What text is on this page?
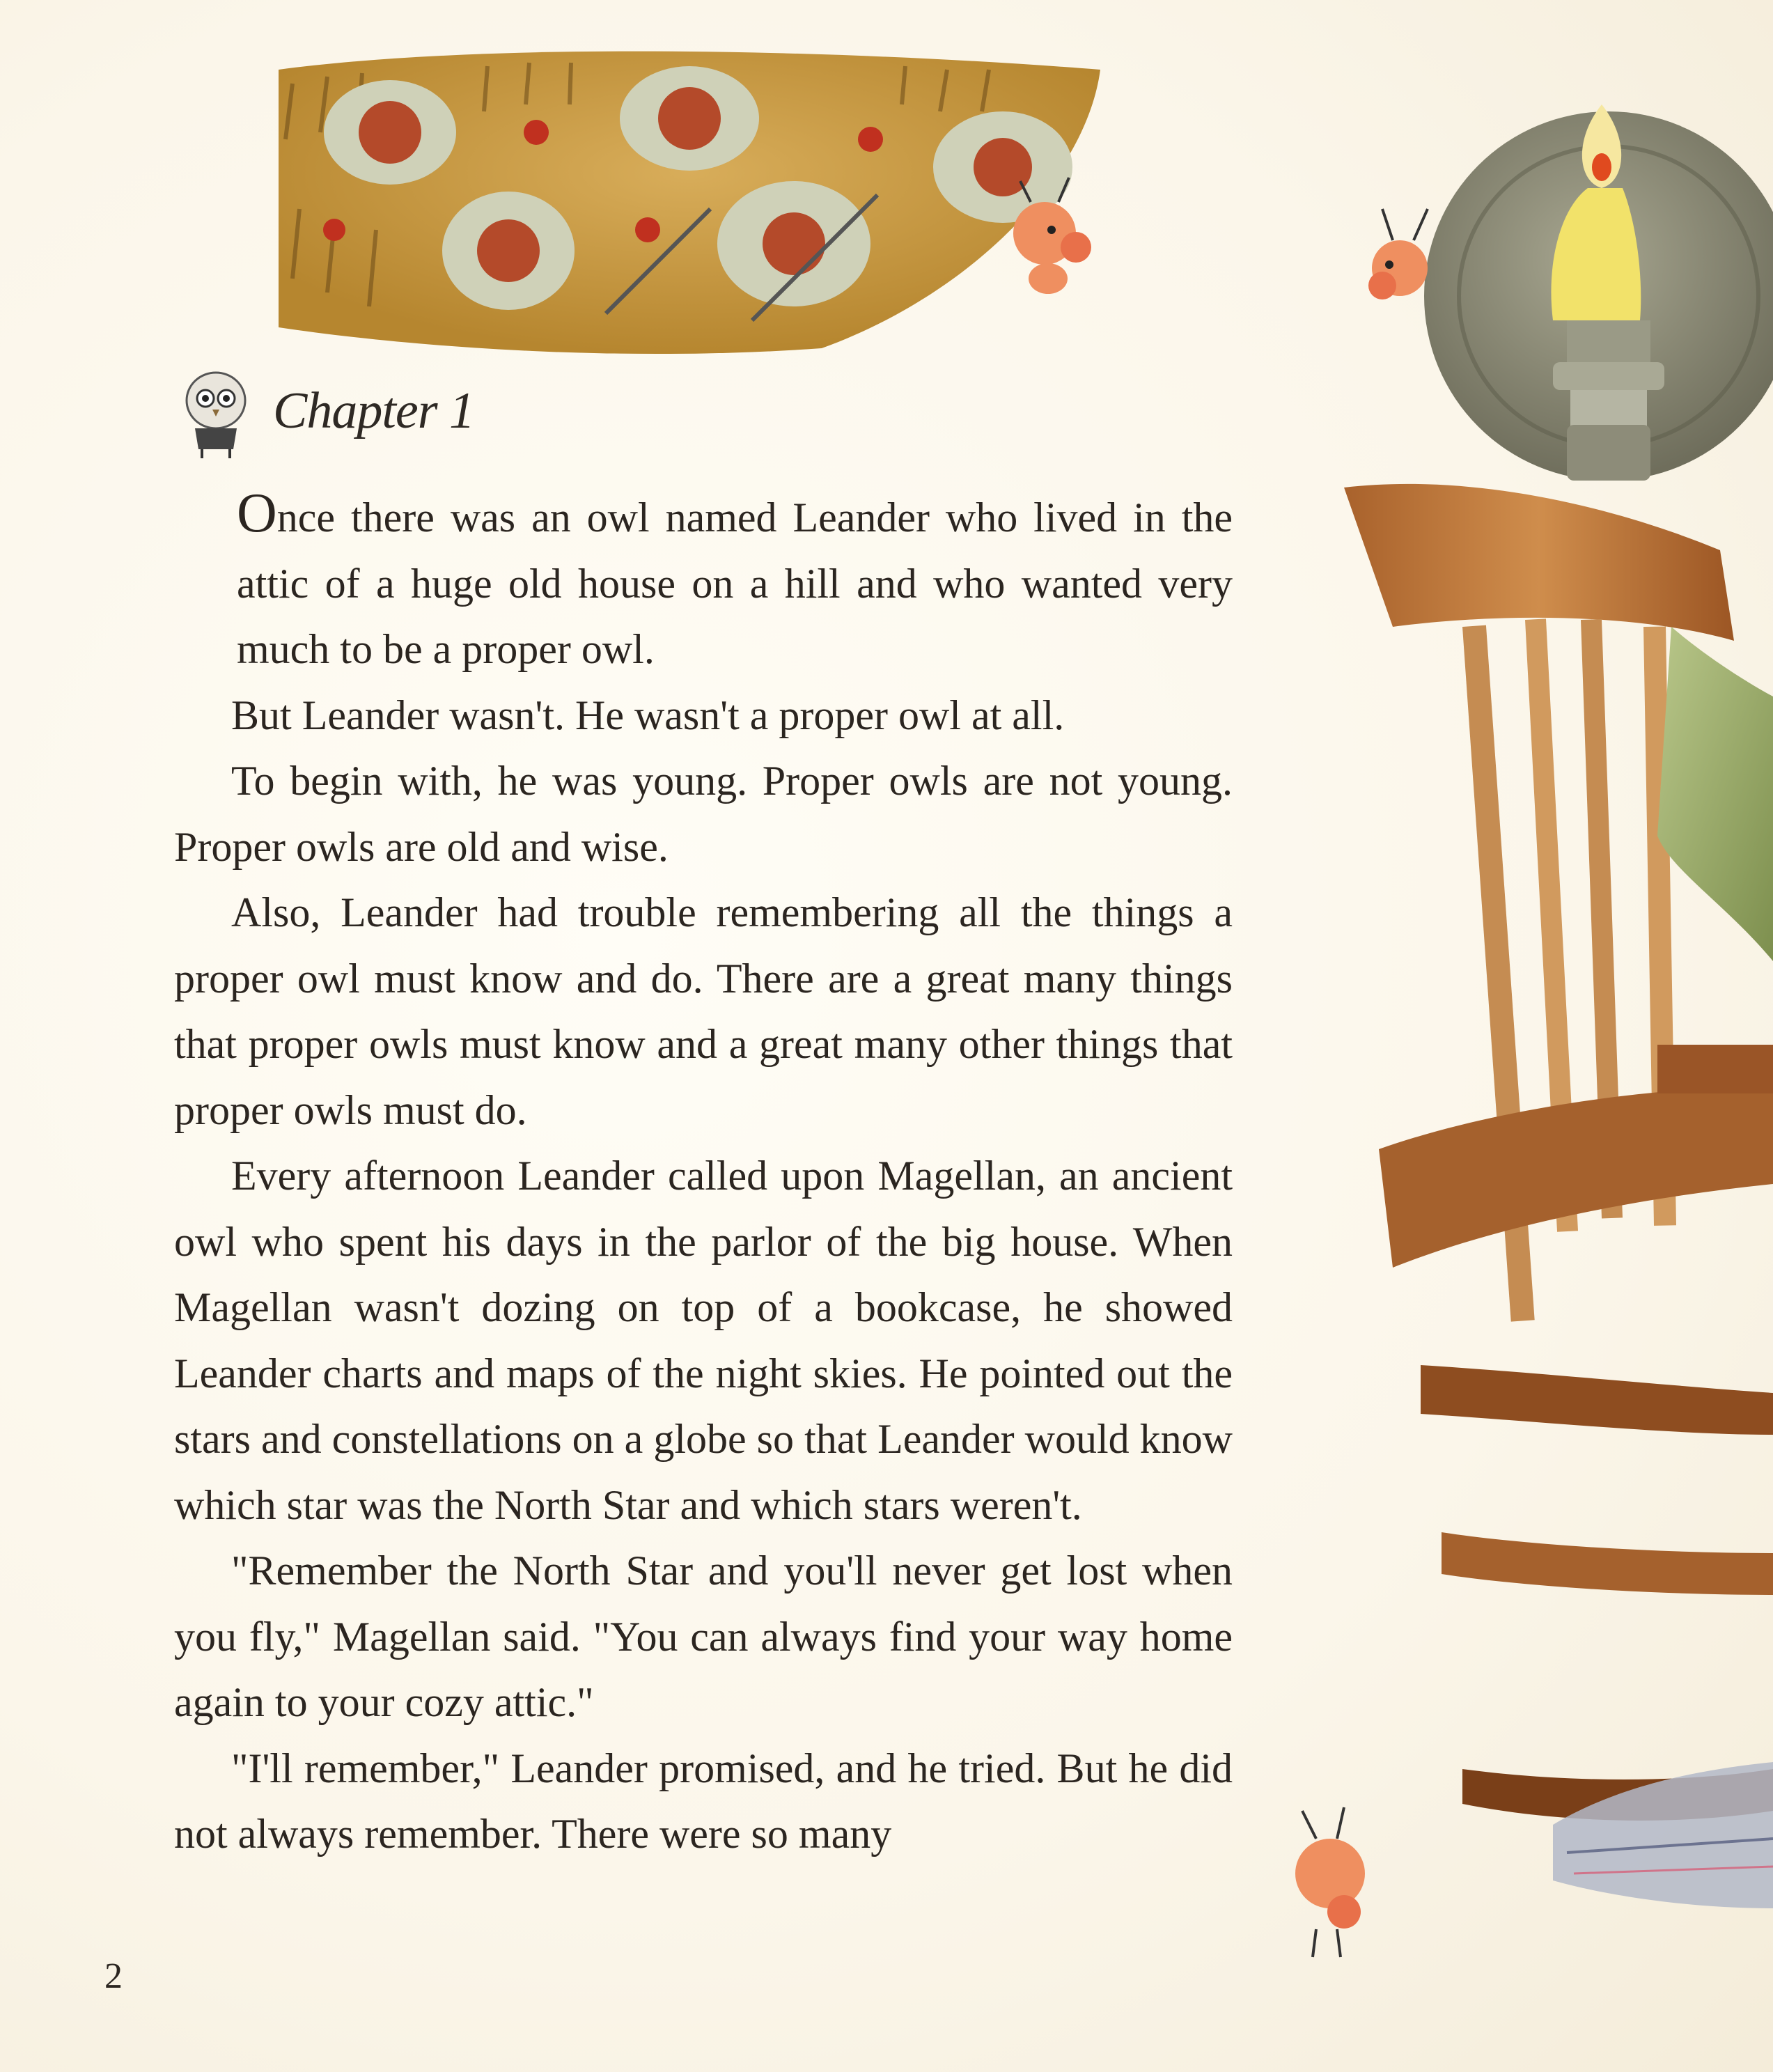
Chapter 1

Once there was an owl named Leander who lived in the attic of a huge old house on a hill and who wanted very much to be a proper owl.

But Leander wasn't. He wasn't a proper owl at all.

To begin with, he was young. Proper owls are not young. Proper owls are old and wise.

Also, Leander had trouble remembering all the things a proper owl must know and do. There are a great many things that proper owls must know and a great many other things that proper owls must do.

Every afternoon Leander called upon Magellan, an ancient owl who spent his days in the parlor of the big house. When Magellan wasn't dozing on top of a bookcase, he showed Leander charts and maps of the night skies. He pointed out the stars and constellations on a globe so that Leander would know which star was the North Star and which stars weren't.

"Remember the North Star and you'll never get lost when you fly," Magellan said. "You can always find your way home again to your cozy attic."

"I'll remember," Leander promised, and he tried. But he did not always remember. There were so many

2
